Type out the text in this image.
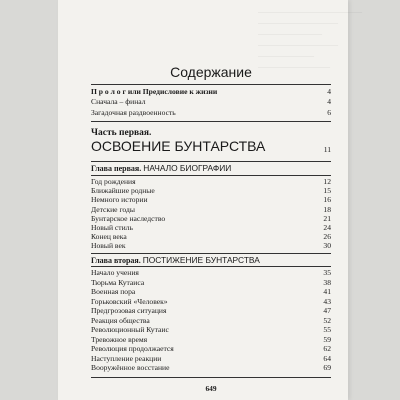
—————————————
——————————
————————
——————————
———————
—————————
Содержание
П р о л о г или Предисловие к жизни	4
Сначала – финал	4
Загадочная раздвоенность	6
Часть первая.
ОСВОЕНИЕ БУНТАРСТВА	11
Глава первая. НАЧАЛО БИОГРАФИИ
Год рождения	12
Ближайшие родные	15
Немного истории	16
Детские годы	18
Бунтарское наследство	21
Новый стиль	24
Конец века	26
Новый век	30
Глава вторая. ПОСТИЖЕНИЕ БУНТАРСТВА
Начало учения	35
Тюрьма Кутаиса	38
Военная пора	41
Горьковский «Человек»	43
Предгрозовая ситуация	47
Реакция общества	52
Революционный Кутаис	55
Тревожное время	59
Революция продолжается	62
Наступление реакции	64
Вооружённое восстание	69
649
